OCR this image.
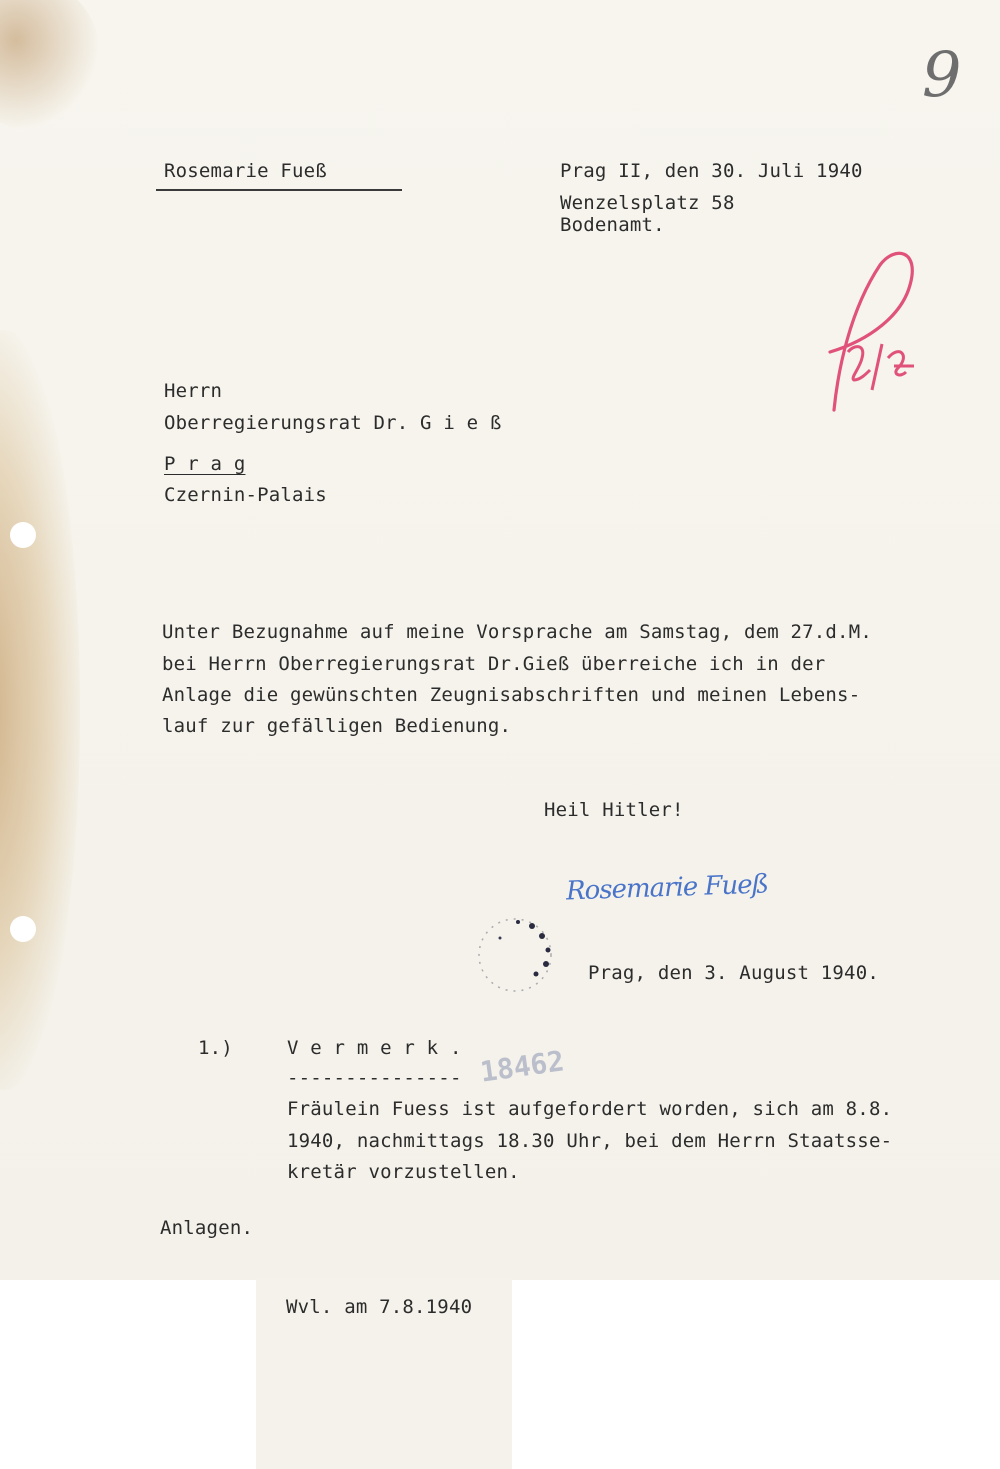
9

Rosemarie Fueß	Prag II, den 30. Juli 1940

Wenzelsplatz 58

Bodenamt.

Herrn

Oberregierungsrat Dr. G i e ß

P r a g

Czernin-Palais

Unter Bezugnahme auf meine Vorsprache am Samstag, dem 27.d.M.

bei Herrn Oberregierungsrat Dr.Gieß überreiche ich in der

Anlage die gewünschten Zeugnisabschriften und meinen Lebens-

lauf zur gefälligen Bedienung.

Heil Hitler!

Rosemarie Fueß

Prag, den 3. August 1940.

1.)	V e r m e r k .

--------------- 18462

Fräulein Fuess ist aufgefordert worden, sich am 8.8.

1940, nachmittags 18.30 Uhr, bei dem Herrn Staatsse-

kretär vorzustellen.

Anlagen.

Wvl. am 7.8.1940
